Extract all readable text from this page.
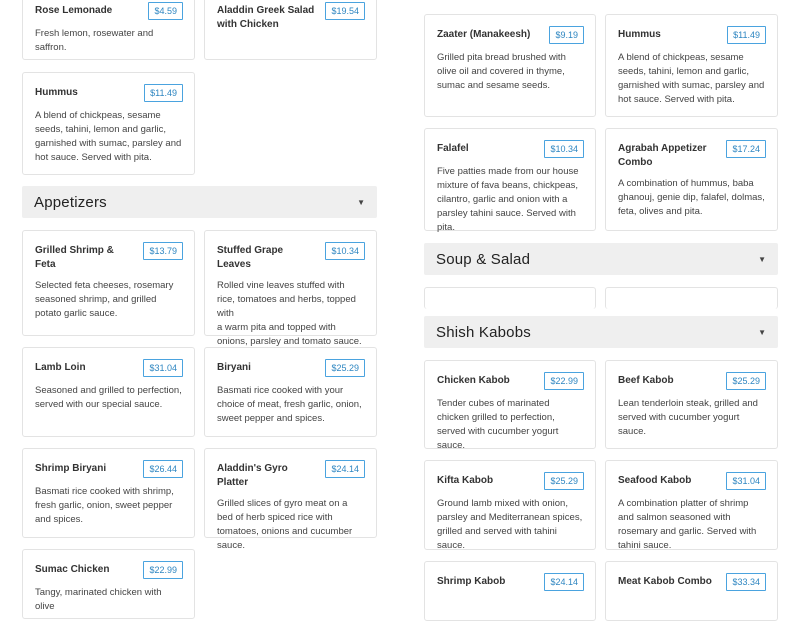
Rose Lemonade	$4.59
Fresh lemon, rosewater and saffron.
Aladdin Greek Salad with Chicken
$19.54
Hummus	$11.49
A blend of chickpeas, sesame seeds, tahini, lemon and garlic, garnished with sumac, parsley and hot sauce. Served with pita.
Appetizers	▼
Grilled Shrimp & Feta
$13.79
Selected feta cheeses, rosemary seasoned shrimp, and grilled
potato garlic sauce.
Stuffed Grape Leaves
$10.34
Rolled vine leaves stuffed with rice, tomatoes and herbs, topped with
a warm pita and topped with onions, parsley and tomato sauce.
Lamb Loin	$31.04
Seasoned and grilled to perfection, served with our special sauce.
Biryani	$25.29
Basmati rice cooked with your choice of meat, fresh garlic, onion, sweet pepper and spices.
Shrimp Biryani	$26.44
Basmati rice cooked with shrimp, fresh garlic, onion, sweet pepper and spices.
Aladdin's Gyro Platter
$24.14
Grilled slices of gyro meat on a bed of herb spiced rice with tomatoes, onions and cucumber sauce.
Sumac Chicken	$22.99
Tangy, marinated chicken with olive
Zaater (Manakeesh)	$9.19
Grilled pita bread brushed with olive oil and covered in thyme, sumac and sesame seeds.
Hummus	$11.49
A blend of chickpeas, sesame seeds, tahini, lemon and garlic, garnished with sumac, parsley and hot sauce. Served with pita.
Falafel	$10.34
Five patties made from our house mixture of fava beans, chickpeas, cilantro, garlic and onion with a parsley tahini sauce. Served with pita.
Agrabah Appetizer Combo
$17.24
A combination of hummus, baba ghanouj, genie dip, falafel, dolmas, feta, olives and pita.
Soup & Salad	▼
Shish Kabobs	▼
Chicken Kabob	$22.99
Tender cubes of marinated chicken grilled to perfection, served with cucumber yogurt sauce.
Beef Kabob	$25.29
Lean tenderloin steak, grilled and served with cucumber yogurt sauce.
Kifta Kabob	$25.29
Ground lamb mixed with onion, parsley and Mediterranean spices, grilled and served with tahini sauce.
Seafood Kabob	$31.04
A combination platter of shrimp and salmon seasoned with rosemary and garlic. Served with tahini sauce.
Shrimp Kabob	$24.14	Meat Kabob Combo	$33.34
